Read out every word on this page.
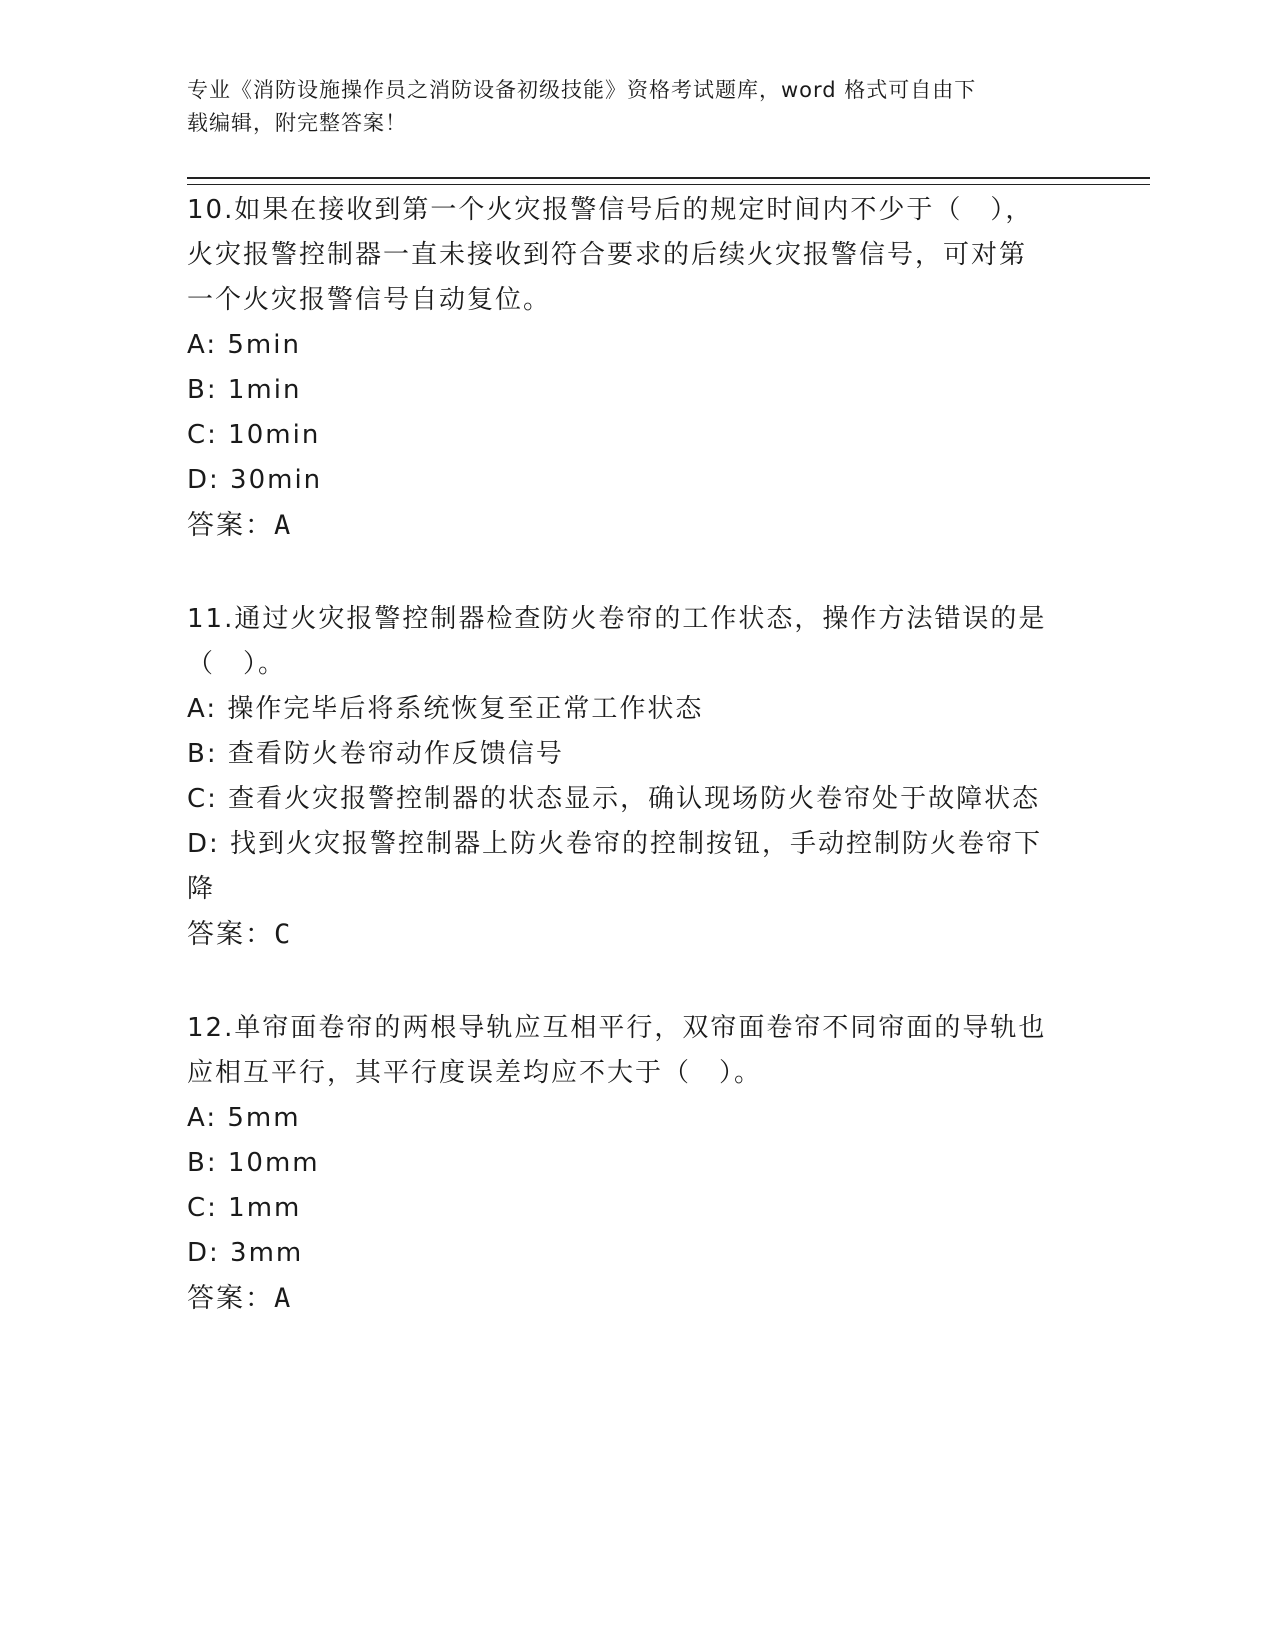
专业《消防设施操作员之消防设备初级技能》资格考试题库，word 格式可自由下
载编辑，附完整答案！

10.如果在接收到第一个火灾报警信号后的规定时间内不少于（　），

火灾报警控制器一直未接收到符合要求的后续火灾报警信号，可对第

一个火灾报警信号自动复位。

A: 5min

B: 1min

C: 10min

D: 30min

答案：A

11.通过火灾报警控制器检查防火卷帘的工作状态，操作方法错误的是

（　）。

A: 操作完毕后将系统恢复至正常工作状态

B: 查看防火卷帘动作反馈信号

C: 查看火灾报警控制器的状态显示，确认现场防火卷帘处于故障状态

D: 找到火灾报警控制器上防火卷帘的控制按钮，手动控制防火卷帘下

降

答案：C

12.单帘面卷帘的两根导轨应互相平行，双帘面卷帘不同帘面的导轨也

应相互平行，其平行度误差均应不大于（　）。

A: 5mm

B: 10mm

C: 1mm

D: 3mm

答案：A
